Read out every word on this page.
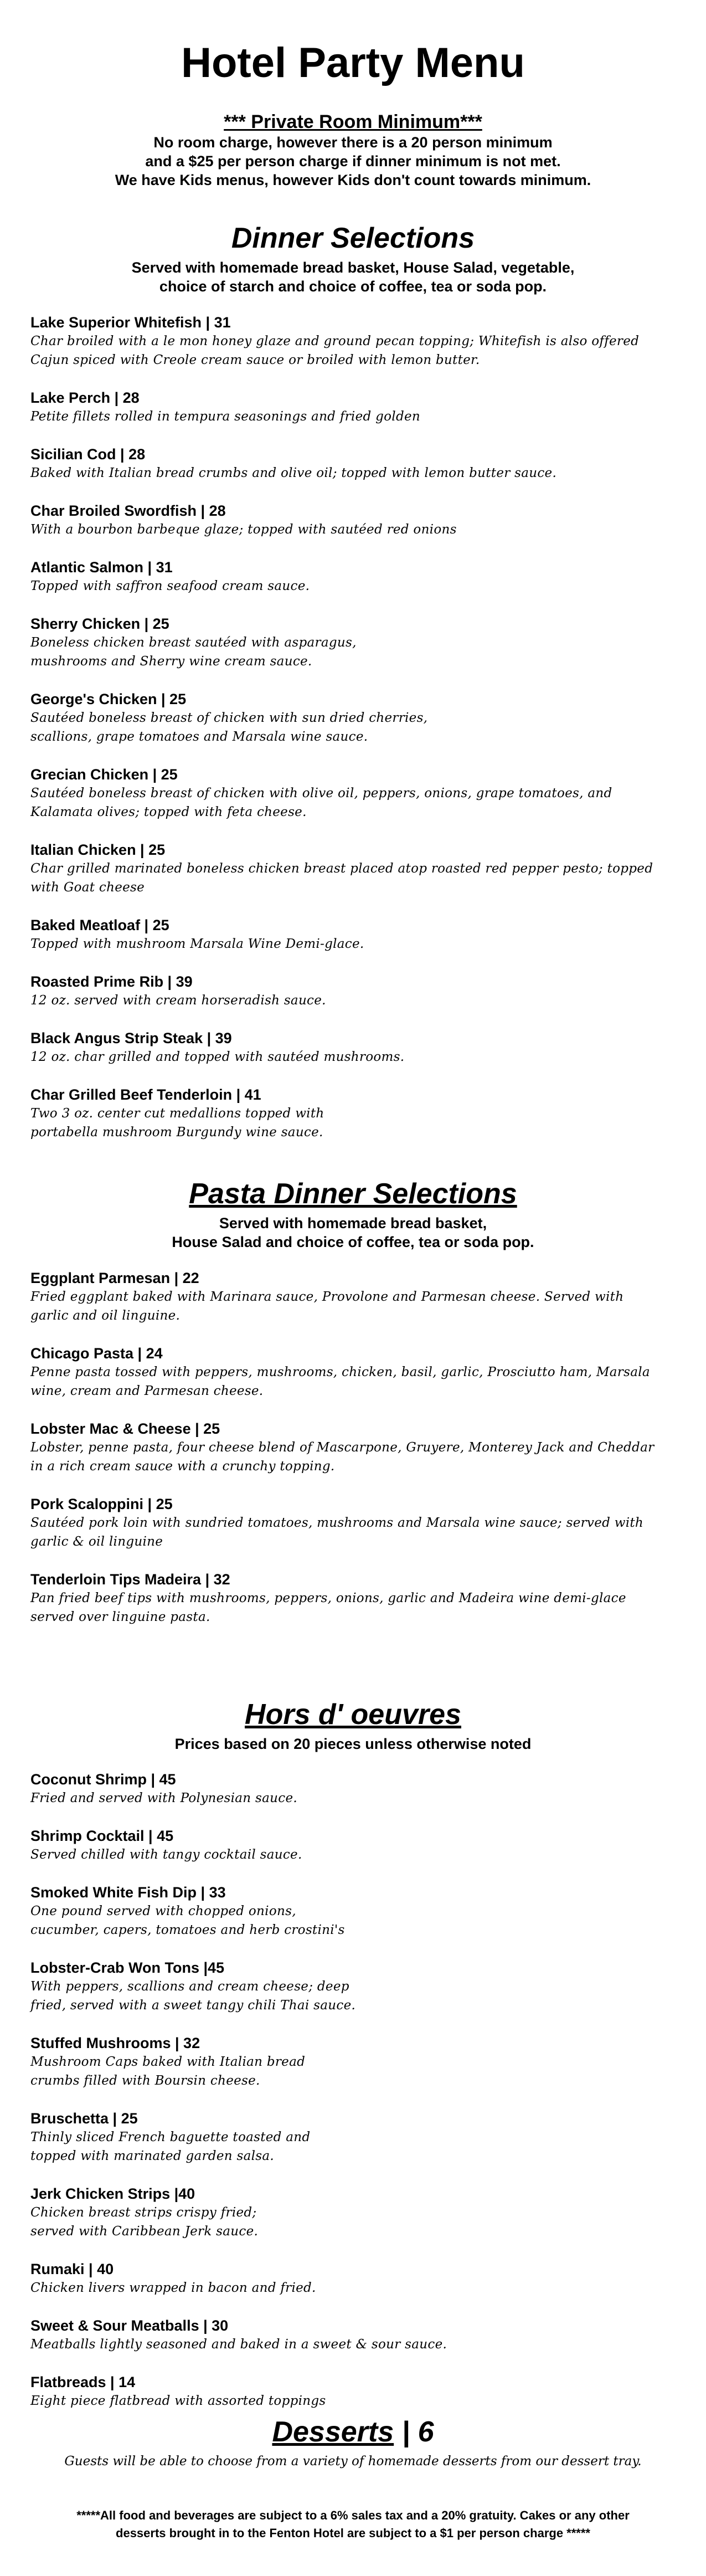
Hotel Party Menu
*** Private Room Minimum***
No room charge, however there is a 20 person minimum
and a $25 per person charge if dinner minimum is not met.
We have Kids menus, however Kids don't count towards minimum.
Dinner Selections
Served with homemade bread basket, House Salad, vegetable,
choice of starch and choice of coffee, tea or soda pop.
Lake Superior Whitefish | 31
Char broiled with a le mon honey glaze and ground pecan topping; Whitefish is also offered
Cajun spiced with Creole cream sauce or broiled with lemon butter.
Lake Perch | 28
Petite fillets rolled in tempura seasonings and fried golden
Sicilian Cod | 28
Baked with Italian bread crumbs and olive oil; topped with lemon butter sauce.
Char Broiled Swordfish | 28
With a bourbon barbeque glaze; topped with sautéed red onions
Atlantic Salmon | 31
Topped with saffron seafood cream sauce.
Sherry Chicken | 25
Boneless chicken breast sautéed with asparagus,
mushrooms and Sherry wine cream sauce.
George's Chicken | 25
Sautéed boneless breast of chicken with sun dried cherries,
scallions, grape tomatoes and Marsala wine sauce.
Grecian Chicken | 25
Sautéed boneless breast of chicken with olive oil, peppers, onions, grape tomatoes, and
Kalamata olives; topped with feta cheese.
Italian Chicken | 25
Char grilled marinated boneless chicken breast placed atop roasted red pepper pesto; topped
with Goat cheese
Baked Meatloaf | 25
Topped with mushroom Marsala Wine Demi-glace.
Roasted Prime Rib | 39
12 oz. served with cream horseradish sauce.
Black Angus Strip Steak | 39
12 oz. char grilled and topped with sautéed mushrooms.
Char Grilled Beef Tenderloin | 41
Two 3 oz. center cut medallions topped with
portabella mushroom Burgundy wine sauce.
Pasta Dinner Selections
Served with homemade bread basket,
House Salad and choice of coffee, tea or soda pop.
Eggplant Parmesan | 22
Fried eggplant baked with Marinara sauce, Provolone and Parmesan cheese. Served with
garlic and oil linguine.
Chicago Pasta | 24
Penne pasta tossed with peppers, mushrooms, chicken, basil, garlic, Prosciutto ham, Marsala
wine, cream and Parmesan cheese.
Lobster Mac & Cheese | 25
Lobster, penne pasta, four cheese blend of Mascarpone, Gruyere, Monterey Jack and Cheddar
in a rich cream sauce with a crunchy topping.
Pork Scaloppini | 25
Sautéed pork loin with sundried tomatoes, mushrooms and Marsala wine sauce; served with
garlic & oil linguine
Tenderloin Tips Madeira | 32
Pan fried beef tips with mushrooms, peppers, onions, garlic and Madeira wine demi-glace
served over linguine pasta.
Hors d' oeuvres
Prices based on 20 pieces unless otherwise noted
Coconut Shrimp | 45
Fried and served with Polynesian sauce.
Shrimp Cocktail | 45
Served chilled with tangy cocktail sauce.
Smoked White Fish Dip | 33
One pound served with chopped onions,
cucumber, capers, tomatoes and herb crostini's
Lobster-Crab Won Tons |45
With peppers, scallions and cream cheese; deep
fried, served with a sweet tangy chili Thai sauce.
Stuffed Mushrooms | 32
Mushroom Caps baked with Italian bread
crumbs filled with Boursin cheese.
Bruschetta | 25
Thinly sliced French baguette toasted and
topped with marinated garden salsa.
Jerk Chicken Strips |40
Chicken breast strips crispy fried;
served with Caribbean Jerk sauce.
Rumaki | 40
Chicken livers wrapped in bacon and fried.
Sweet & Sour Meatballs | 30
Meatballs lightly seasoned and baked in a sweet & sour sauce.
Flatbreads | 14
Eight piece flatbread with assorted toppings
Desserts | 6
Guests will be able to choose from a variety of homemade desserts from our dessert tray.
*****All food and beverages are subject to a 6% sales tax and a 20% gratuity. Cakes or any other
desserts brought in to the Fenton Hotel are subject to a $1 per person charge *****
